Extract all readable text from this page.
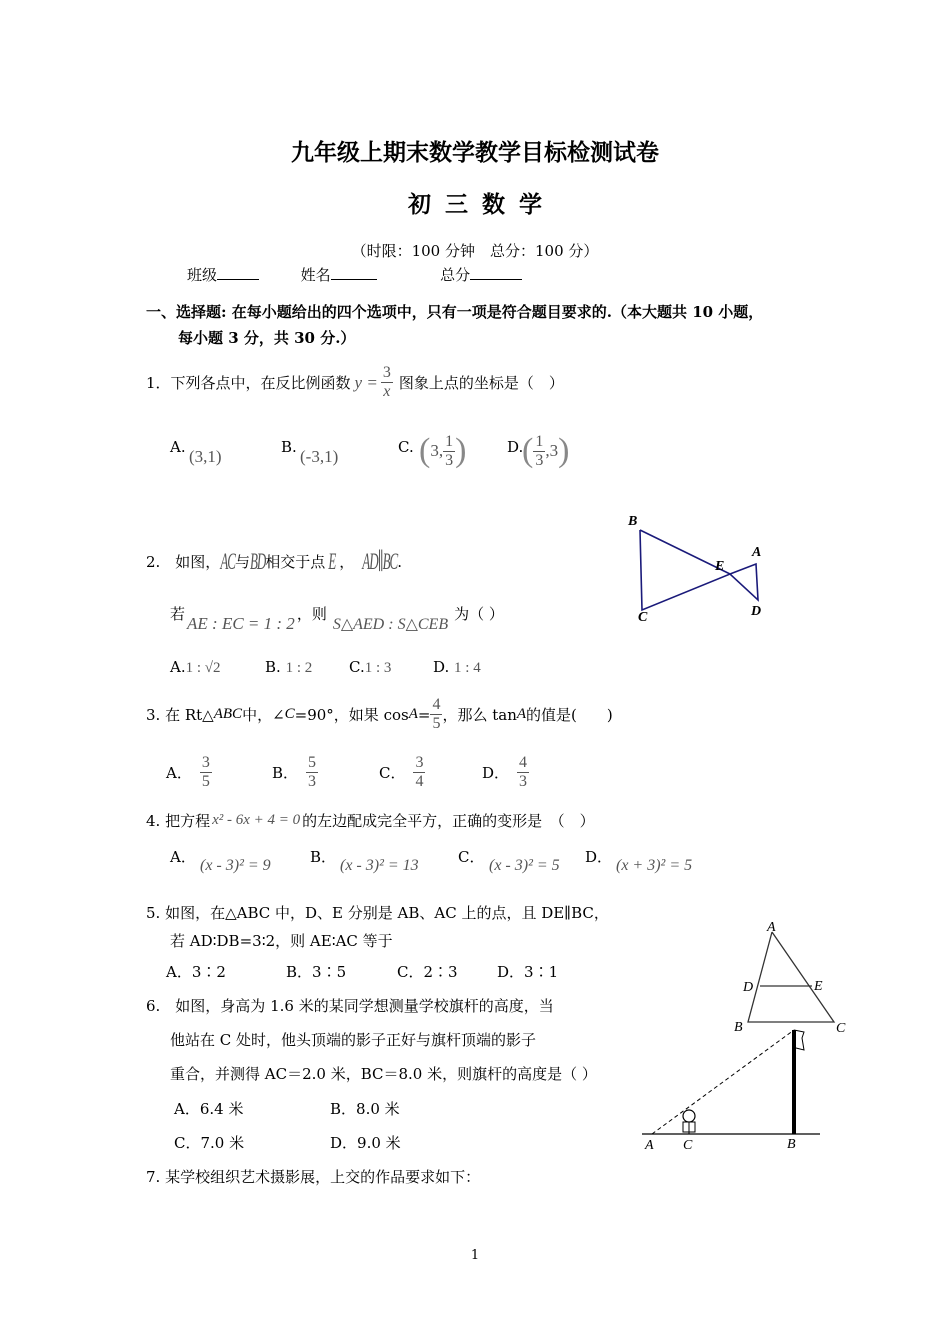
九年级上期末数学教学目标检测试卷
初三数学
（时限：100 分钟　总分：100 分）
班级	姓名	总分
一、选择题: 在每小题给出的四个选项中，只有一项是符合题目要求的.（本大题共 10 小题，
每小题 3 分，共 30 分.）
1．下列各点中，在反比例函数 $y = \frac{3}{x}$ 图象上点的坐标是（　）
A. (3,1)	B. (-3,1)	C. ( 3, $\frac{1}{3}$ )	D.
( $\frac{1}{3} ,3$ )
2.　如图， AC 与 BD 相交于点 E ， AD∥BC .
若 AE : EC = 1 : 2 ，则
S△AED : S△CEB
为（ ）
A.1 : √2	B. 1 : 2 C.1 : 3	D. 1 : 4
B
A
E
C	D
3. 在 Rt△ ABC 中，∠ C =90°，如果 $\cos A = \frac{4}{5}$ ，那么 tan A 的值是(　　)
A． $\frac{3}{5}$	B． $\frac{5}{3}$	C． $\frac{3}{4}$	D． $\frac{4}{3}$
4. 把方程 x² - 6x + 4 = 0 的左边配成完全平方，正确的变形是　（　）
A． (x - 3)² = 9	B． (x - 3)² = 13	C． (x - 3)² = 5 D． (x + 3)² = 5
5. 如图，在△ABC 中，D、E 分别是 AB、AC 上的点，且 DE∥BC，
若 AD∶DB=3∶2，则 AE∶AC 等于
A．3∶2	B．3∶5	C．2∶3	D．3∶1
A
D	E
B	C
6.　如图，身高为 1.6 米的某同学想测量学校旗杆的高度，当
他站在 C 处时，他头顶端的影子正好与旗杆顶端的影子
重合，并测得 AC＝2.0 米，BC＝8.0 米，则旗杆的高度是（ ）
A．6.4 米	B．8.0 米
C．7.0 米	D．9.0 米	A C	B
7. 某学校组织艺术摄影展，上交的作品要求如下：
1
